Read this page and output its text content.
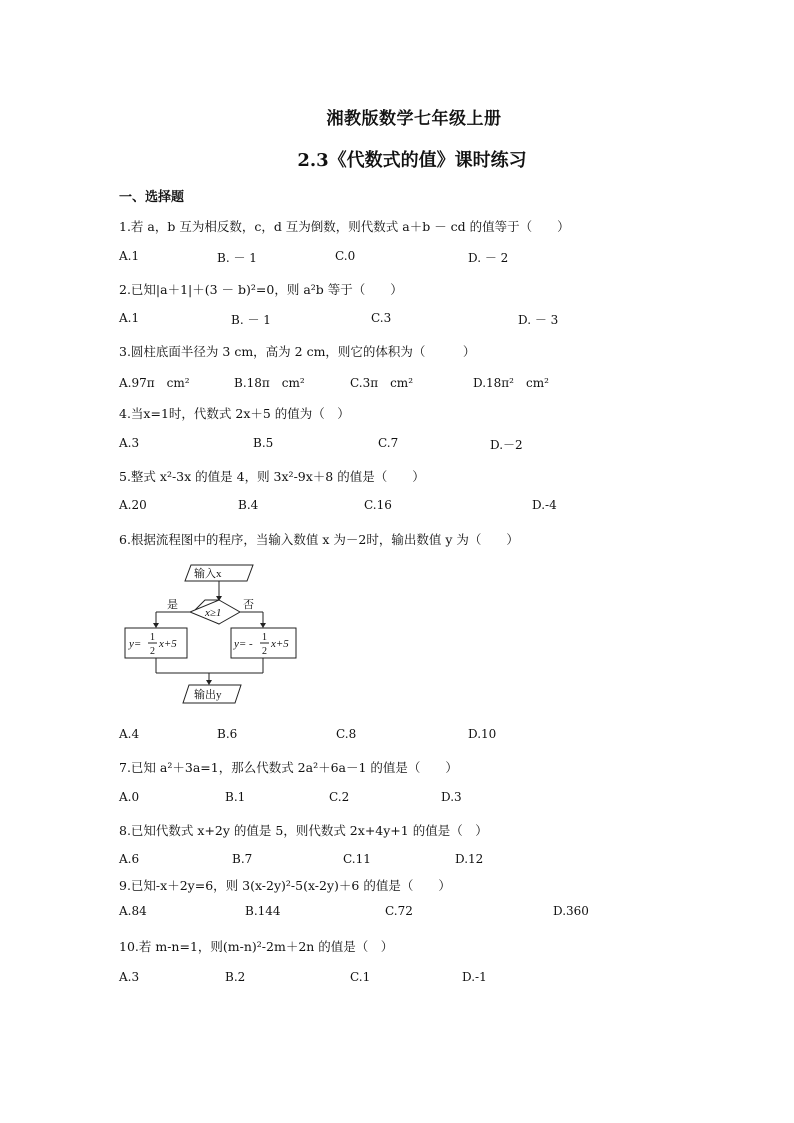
湘教版数学七年级上册
2.3《代数式的值》课时练习
一、选择题
1.若 a，b 互为相反数，c，d 互为倒数，则代数式 a＋b － cd 的值等于（　　）
A.1	B. － 1	C.0	D. － 2
2.已知|a＋1|＋(3 － b)²=0，则 a²b 等于（　　）
A.1	B. － 1	C.3	D. － 3
3.圆柱底面半径为 3 cm，高为 2 cm，则它的体积为（　　　）
A.97π　cm²	B.18π　cm²	C.3π　cm²	D.18π²　cm²
4.当x=1时，代数式 2x＋5 的值为（　）
A.3	B.5	C.7	D.－2
5.整式 x²-3x 的值是 4，则 3x²-9x＋8 的值是（　　）
A.20	B.4	C.16	D.-4
6.根据流程图中的程序，当输入数值 x 为－2时，输出数值 y 为（　　）
输入x
x≥1
是	否
y=
1
2
x+5	y= -
1
2
x+5
输出y
A.4	B.6	C.8	D.10
7.已知 a²＋3a=1，那么代数式 2a²＋6a－1 的值是（　　）
A.0	B.1	C.2	D.3
8.已知代数式 x+2y 的值是 5，则代数式 2x+4y+1 的值是（　）
A.6	B.7	C.11	D.12
9.已知-x＋2y=6，则 3(x-2y)²-5(x-2y)＋6 的值是（　　）
A.84	B.144	C.72	D.360
10.若 m-n=1，则(m-n)²-2m＋2n 的值是（　）
A.3	B.2	C.1	D.-1
